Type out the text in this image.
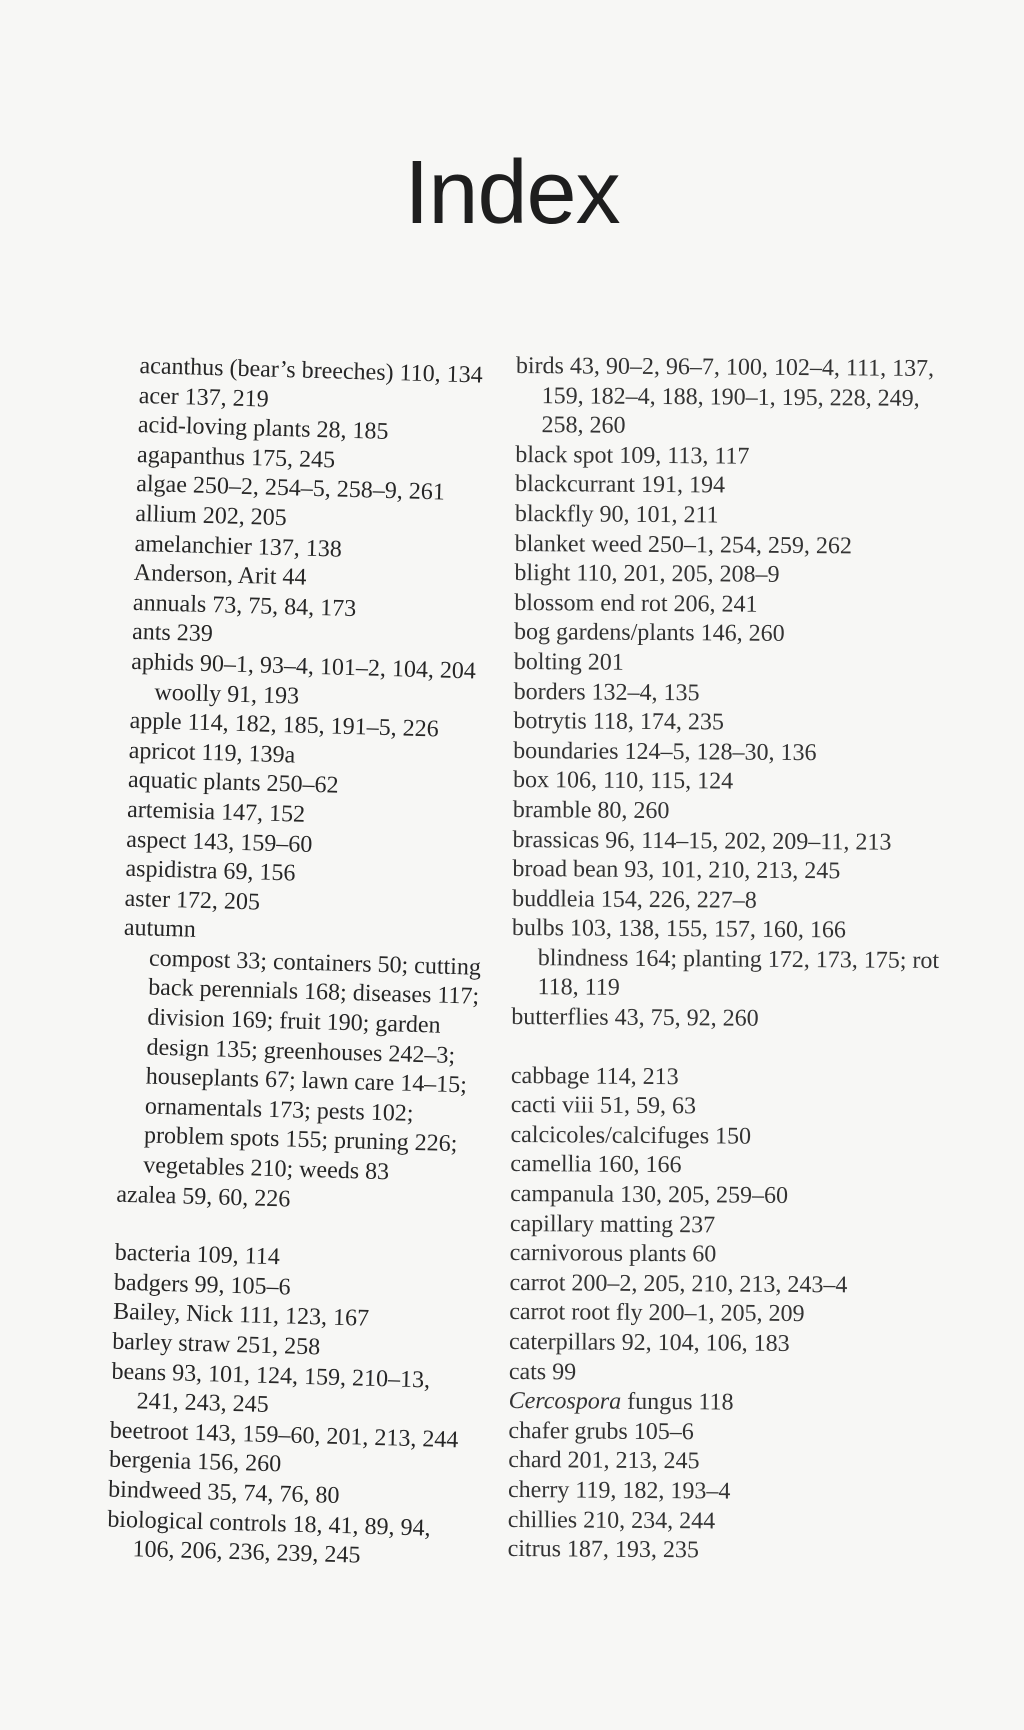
Index
acanthus (bear’s breeches) 110, 134
acer 137, 219
acid-loving plants 28, 185
agapanthus 175, 245
algae 250–2, 254–5, 258–9, 261
allium 202, 205
amelanchier 137, 138
Anderson, Arit 44
annuals 73, 75, 84, 173
ants 239
aphids 90–1, 93–4, 101–2, 104, 204
woolly 91, 193
apple 114, 182, 185, 191–5, 226
apricot 119, 139a
aquatic plants 250–62
artemisia 147, 152
aspect 143, 159–60
aspidistra 69, 156
aster 172, 205
autumn
compost 33; containers 50; cutting back perennials 168; diseases 117; division 169; fruit 190; garden design 135; greenhouses 242–3; houseplants 67; lawn care 14–15; ornamentals 173; pests 102; problem spots 155; pruning 226; vegetables 210; weeds 83
azalea 59, 60, 226
bacteria 109, 114
badgers 99, 105–6
Bailey, Nick 111, 123, 167
barley straw 251, 258
beans 93, 101, 124, 159, 210–13, 241, 243, 245
beetroot 143, 159–60, 201, 213, 244
bergenia 156, 260
bindweed 35, 74, 76, 80
biological controls 18, 41, 89, 94, 106, 206, 236, 239, 245
birds 43, 90–2, 96–7, 100, 102–4, 111, 137, 159, 182–4, 188, 190–1, 195, 228, 249, 258, 260
black spot 109, 113, 117
blackcurrant 191, 194
blackfly 90, 101, 211
blanket weed 250–1, 254, 259, 262
blight 110, 201, 205, 208–9
blossom end rot 206, 241
bog gardens/plants 146, 260
bolting 201
borders 132–4, 135
botrytis 118, 174, 235
boundaries 124–5, 128–30, 136
box 106, 110, 115, 124
bramble 80, 260
brassicas 96, 114–15, 202, 209–11, 213
broad bean 93, 101, 210, 213, 245
buddleia 154, 226, 227–8
bulbs 103, 138, 155, 157, 160, 166
blindness 164; planting 172, 173, 175; rot 118, 119
butterflies 43, 75, 92, 260
cabbage 114, 213
cacti viii 51, 59, 63
calcicoles/calcifuges 150
camellia 160, 166
campanula 130, 205, 259–60
capillary matting 237
carnivorous plants 60
carrot 200–2, 205, 210, 213, 243–4
carrot root fly 200–1, 205, 209
caterpillars 92, 104, 106, 183
cats 99
Cercospora fungus 118
chafer grubs 105–6
chard 201, 213, 245
cherry 119, 182, 193–4
chillies 210, 234, 244
citrus 187, 193, 235
